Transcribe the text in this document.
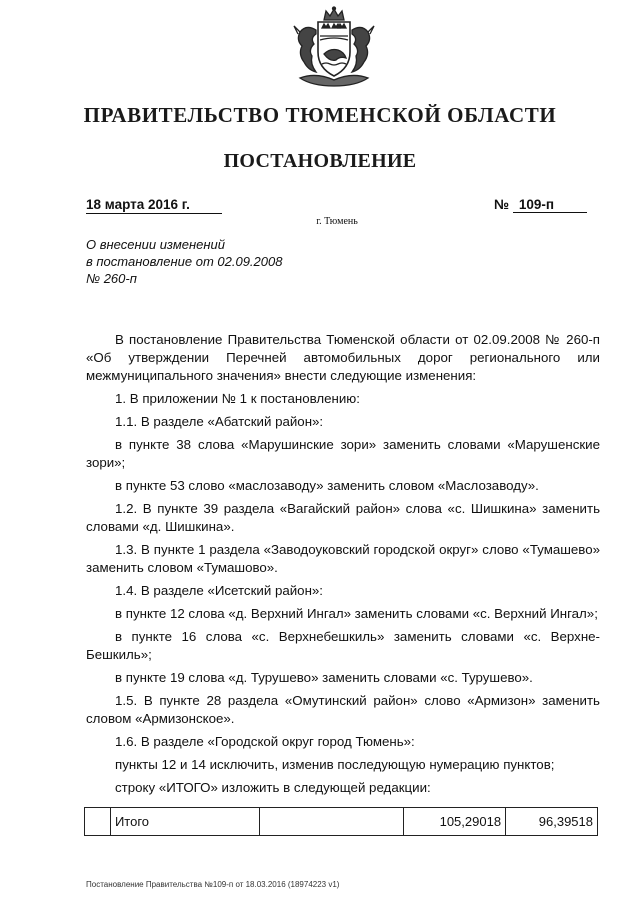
ПРАВИТЕЛЬСТВО ТЮМЕНСКОЙ ОБЛАСТИ
ПОСТАНОВЛЕНИЕ
18 марта 2016 г.	№ 109-п
г. Тюмень
О внесении изменений
в постановление от 02.09.2008
№ 260-п
В постановление Правительства Тюменской области от 02.09.2008 № 260-п «Об утверждении Перечней автомобильных дорог регионального или межмуниципального значения» внести следующие изменения:
1. В приложении № 1 к постановлению:
1.1. В разделе «Абатский район»:
в пункте 38 слова «Марушинские зори» заменить словами «Марушенские зори»;
в пункте 53 слово «маслозаводу» заменить словом «Маслозаводу».
1.2. В пункте 39 раздела «Вагайский район» слова «с. Шишкина» заменить словами «д. Шишкина».
1.3. В пункте 1 раздела «Заводоуковский городской округ» слово «Тумашево» заменить словом «Тумашово».
1.4. В разделе «Исетский район»:
в пункте 12 слова «д. Верхний Ингал» заменить словами «с. Верхний Ингал»;
в пункте 16 слова «с. Верхнебешкиль» заменить словами «с. Верхне-Бешкиль»;
в пункте 19 слова «д. Турушево» заменить словами «с. Турушево».
1.5. В пункте 28 раздела «Омутинский район» слово «Армизон» заменить словом «Армизонское».
1.6. В разделе «Городской округ город Тюмень»:
пункты 12 и 14 исключить, изменив последующую нумерацию пунктов;
строку «ИТОГО» изложить в следующей редакции:
	Итого		105,29018	96,39518
Постановление Правительства №109-п от 18.03.2016 (18974223 v1)
